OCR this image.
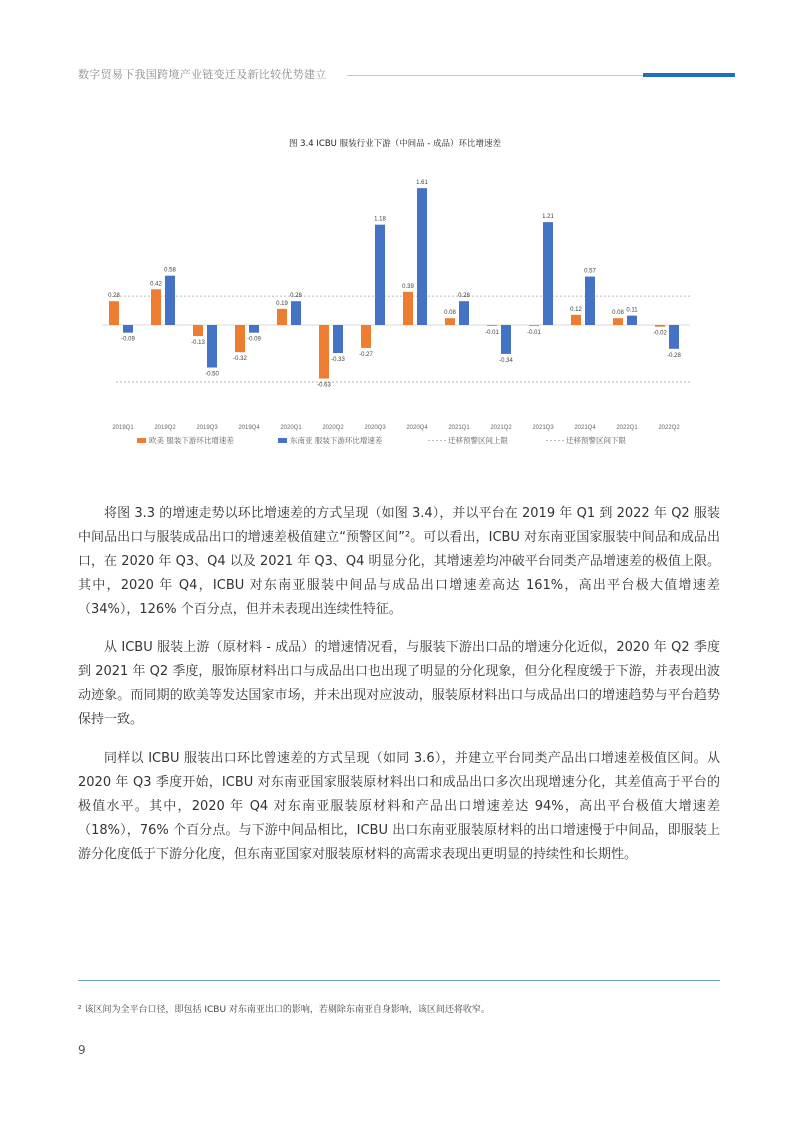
数字贸易下我国跨境产业链变迁及新比较优势建立
0.28
-0.09
2019Q1
0.42
0.58
2019Q2
-0.13
-0.50
2019Q3
-0.32
-0.09
2019Q4
0.19
0.28
2020Q1
-0.63
-0.33
2020Q2
-0.27
1.18
2020Q3
0.39
1.61
2020Q4
0.08
0.28
2021Q1
-0.01
-0.34
2021Q2
-0.01
1.21
2021Q3
0.12
0.57
2021Q4
0.08 0.11
2022Q1
-0.02
-0.28
2022Q2
欧美 服装下游环比增速差	东南亚 服装下游环比增速差	迁移预警区间上限	迁移预警区间下限
图 3.4 ICBU 服装行业下游（中间品 - 成品）环比增速差

将图 3.3 的增速走势以环比增速差的方式呈现（如图 3.4），并以平台在 2019 年 Q1 到 2022 年 Q2 服装中间品出口与服装成品出口的增速差极值建立“预警区间”²。可以看出，ICBU 对东南亚国家服装中间品和成品出口，在 2020 年 Q3、Q4 以及 2021 年 Q3、Q4 明显分化，其增速差均冲破平台同类产品增速差的极值上限。其中，2020 年 Q4，ICBU 对东南亚服装中间品与成品出口增速差高达 161%，高出平台极大值增速差（34%），126% 个百分点，但并未表现出连续性特征。

从 ICBU 服装上游（原材料 - 成品）的增速情况看，与服装下游出口品的增速分化近似，2020 年 Q2 季度到 2021 年 Q2 季度，服饰原材料出口与成品出口也出现了明显的分化现象，但分化程度缓于下游，并表现出波动迹象。而同期的欧美等发达国家市场，并未出现对应波动，服装原材料出口与成品出口的增速趋势与平台趋势保持一致。

同样以 ICBU 服装出口环比曾速差的方式呈现（如同 3.6），并建立平台同类产品出口增速差极值区间。从 2020 年 Q3 季度开始，ICBU 对东南亚国家服装原材料出口和成品出口多次出现增速分化，其差值高于平台的极值水平。其中，2020 年 Q4 对东南亚服装原材料和产品出口增速差达 94%，高出平台极值大增速差（18%），76% 个百分点。与下游中间品相比，ICBU 出口东南亚服装原材料的出口增速慢于中间品，即服装上游分化度低于下游分化度，但东南亚国家对服装原材料的高需求表现出更明显的持续性和长期性。

² 该区间为全平台口径，即包括 ICBU 对东南亚出口的影响，若剔除东南亚自身影响，该区间还将收窄。
9
